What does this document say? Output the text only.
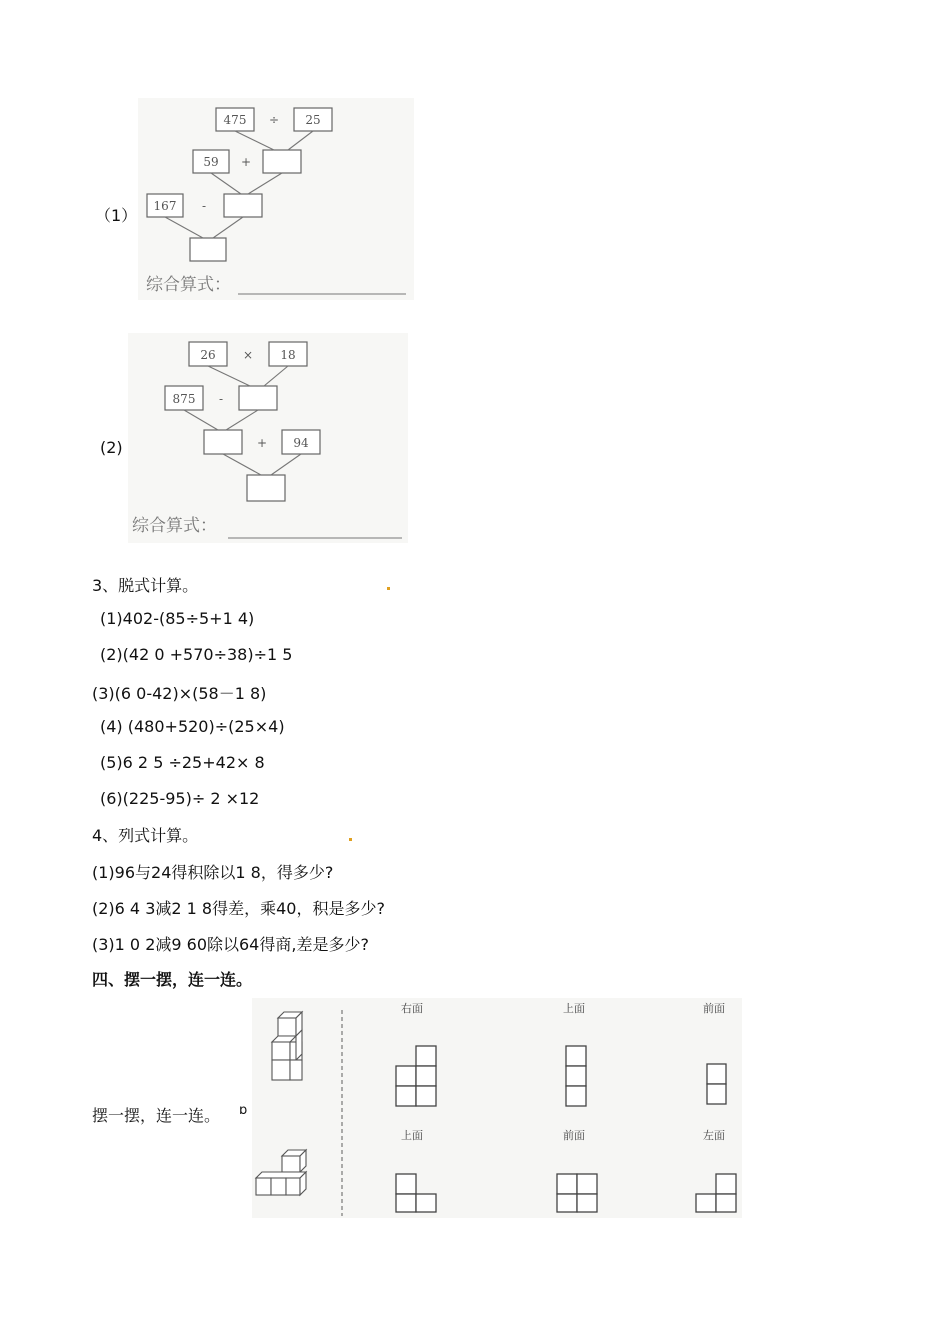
（1）
475 ÷ 25
59 +
167 -
综合算式：
(2)
26 × 18
875 -
+ 94
综合算式：
3、脱式计算。
(1)402-(85÷5+1 4)
(2)(42 0 +570÷38)÷1 5
(3)(6 0-42)×(58－1 8)
(4) (480+520)÷(25×4)
(5)6 2 5 ÷25+42× 8
(6)(225-95)÷ 2 ×12
4、列式计算。
(1)96与24得积除以1 8，得多少?
(2)6 4 3减2 1 8得差，乘40，积是多少?
(3)1 0 2减9 60除以64得商,差是多少?
四、摆一摆，连一连。
摆一摆，连一连。 ɒ
右面	上面	前面
上面	前面	左面
